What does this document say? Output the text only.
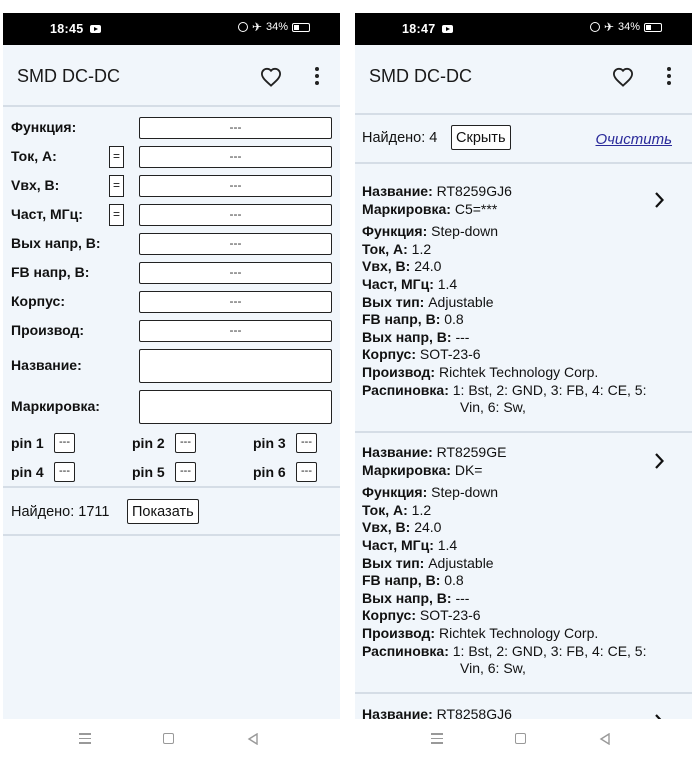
18:45	✈ 34%
SMD DC-DC
Функция:	---
Ток, А:	=	---
Vвх, В:	=	---
Част, МГц:	=	---
Вых напр, В:	---
FB напр, В:	---
Корпус:	---
Производ:	---
Название:
Маркировка:
pin 1	---	pin 2	---	pin 3	---
pin 4	---	pin 5	---	pin 6	---
Найдено: 1711	Показать
18:47	✈ 34%
SMD DC-DC
Найдено: 4	Скрыть	Очистить
Название: RT8259GJ6
Маркировка: C5=***
Функция: Step-down
Ток, А: 1.2
Vвх, В: 24.0
Част, МГц: 1.4
Вых тип: Adjustable
FB напр, В: 0.8
Вых напр, В: ---
Корпус: SOT-23-6
Производ: Richtek Technology Corp.
Распиновка: 1: Bst, 2: GND, 3: FB, 4: CE, 5:
Vin, 6: Sw,
Название: RT8259GE
Маркировка: DK=
Функция: Step-down
Ток, А: 1.2
Vвх, В: 24.0
Част, МГц: 1.4
Вых тип: Adjustable
FB напр, В: 0.8
Вых напр, В: ---
Корпус: SOT-23-6
Производ: Richtek Technology Corp.
Распиновка: 1: Bst, 2: GND, 3: FB, 4: CE, 5:
Vin, 6: Sw,
Название: RT8258GJ6
